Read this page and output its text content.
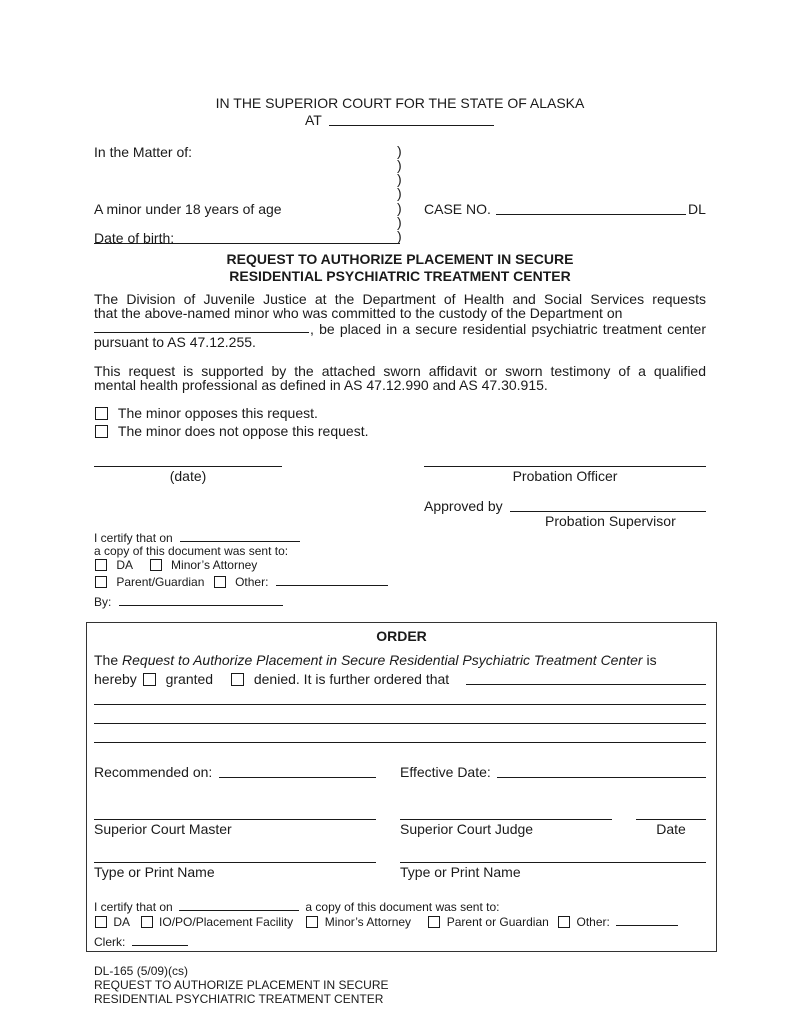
IN THE SUPERIOR COURT FOR THE STATE OF ALASKA
AT
In the Matter of:
A minor under 18 years of age
Date of birth:
)
)
)
)
)
)
)
CASE NO.	DL
REQUEST TO AUTHORIZE PLACEMENT IN SECURE
RESIDENTIAL PSYCHIATRIC TREATMENT CENTER
The Division of Juvenile Justice at the Department of Health and Social Services requests
that the above-named minor who was committed to the custody of the Department on
, be placed in a secure residential psychiatric treatment center
pursuant to AS 47.12.255.
This request is supported by the attached sworn affidavit or sworn testimony of a qualified
mental health professional as defined in AS 47.12.990 and AS 47.30.915.
The minor opposes this request.
The minor does not oppose this request.
(date)	Probation Officer
Approved by
Probation Supervisor
I certify that on
a copy of this document was sent to:
DA	Minor’s Attorney
Parent/Guardian	Other:
By:
ORDER
The Request to Authorize Placement in Secure Residential Psychiatric Treatment Center is
hereby granted	denied. It is further ordered that
Recommended on:	Effective Date:
Superior Court Master	Superior Court Judge	Date
Type or Print Name	Type or Print Name
I certify that on	a copy of this document was sent to:
DA IO/PO/Placement Facility	Minor’s Attorney	Parent or Guardian Other:
Clerk:
DL-165 (5/09)(cs)
REQUEST TO AUTHORIZE PLACEMENT IN SECURE
RESIDENTIAL PSYCHIATRIC TREATMENT CENTER
